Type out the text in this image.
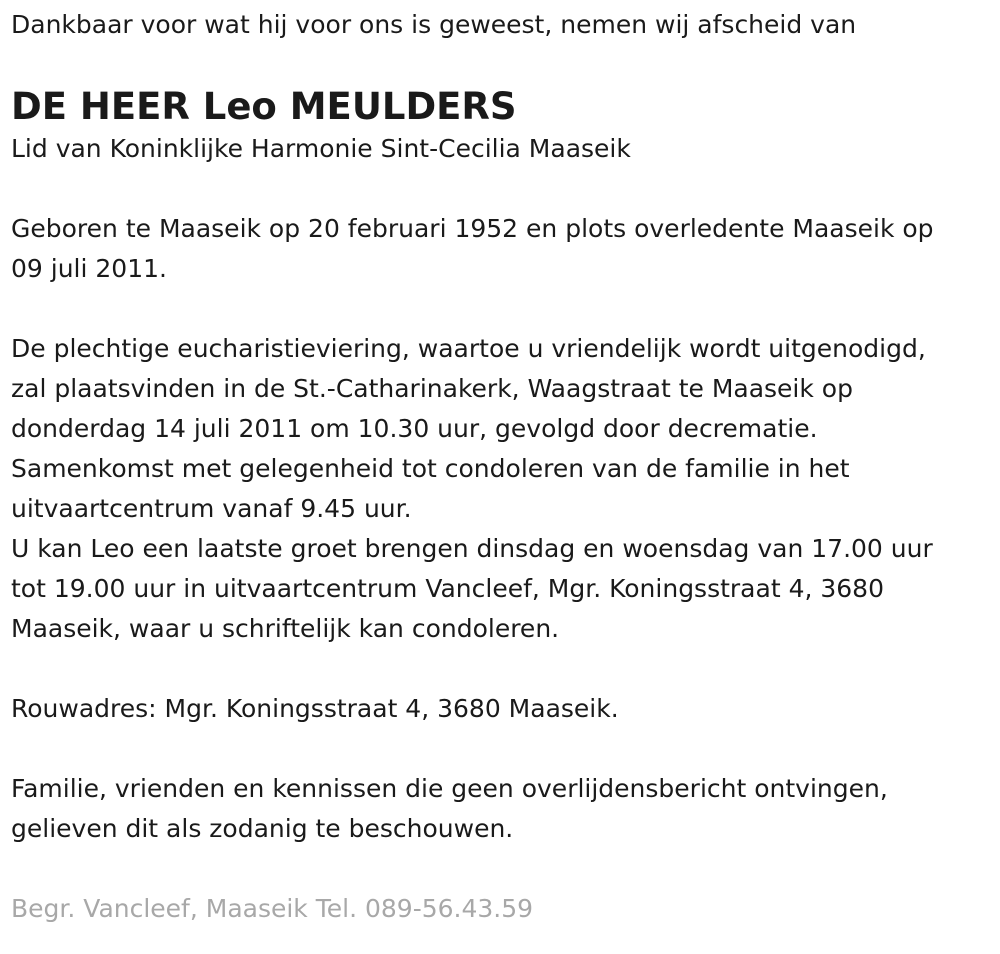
Dankbaar voor wat hij voor ons is geweest, nemen wij afscheid van

DE HEER Leo MEULDERS

Lid van Koninklijke Harmonie Sint-Cecilia Maaseik

Geboren te Maaseik op 20 februari 1952 en plots overledente Maaseik op
09 juli 2011.

De plechtige eucharistieviering, waartoe u vriendelijk wordt uitgenodigd,
zal plaatsvinden in de St.-Catharinakerk, Waagstraat te Maaseik op
donderdag 14 juli 2011 om 10.30 uur, gevolgd door decrematie.
Samenkomst met gelegenheid tot condoleren van de familie in het
uitvaartcentrum vanaf 9.45 uur.
U kan Leo een laatste groet brengen dinsdag en woensdag van 17.00 uur
tot 19.00 uur in uitvaartcentrum Vancleef, Mgr. Koningsstraat 4, 3680
Maaseik, waar u schriftelijk kan condoleren.

Rouwadres: Mgr. Koningsstraat 4, 3680 Maaseik.

Familie, vrienden en kennissen die geen overlijdensbericht ontvingen,
gelieven dit als zodanig te beschouwen.

Begr. Vancleef, Maaseik Tel. 089-56.43.59
